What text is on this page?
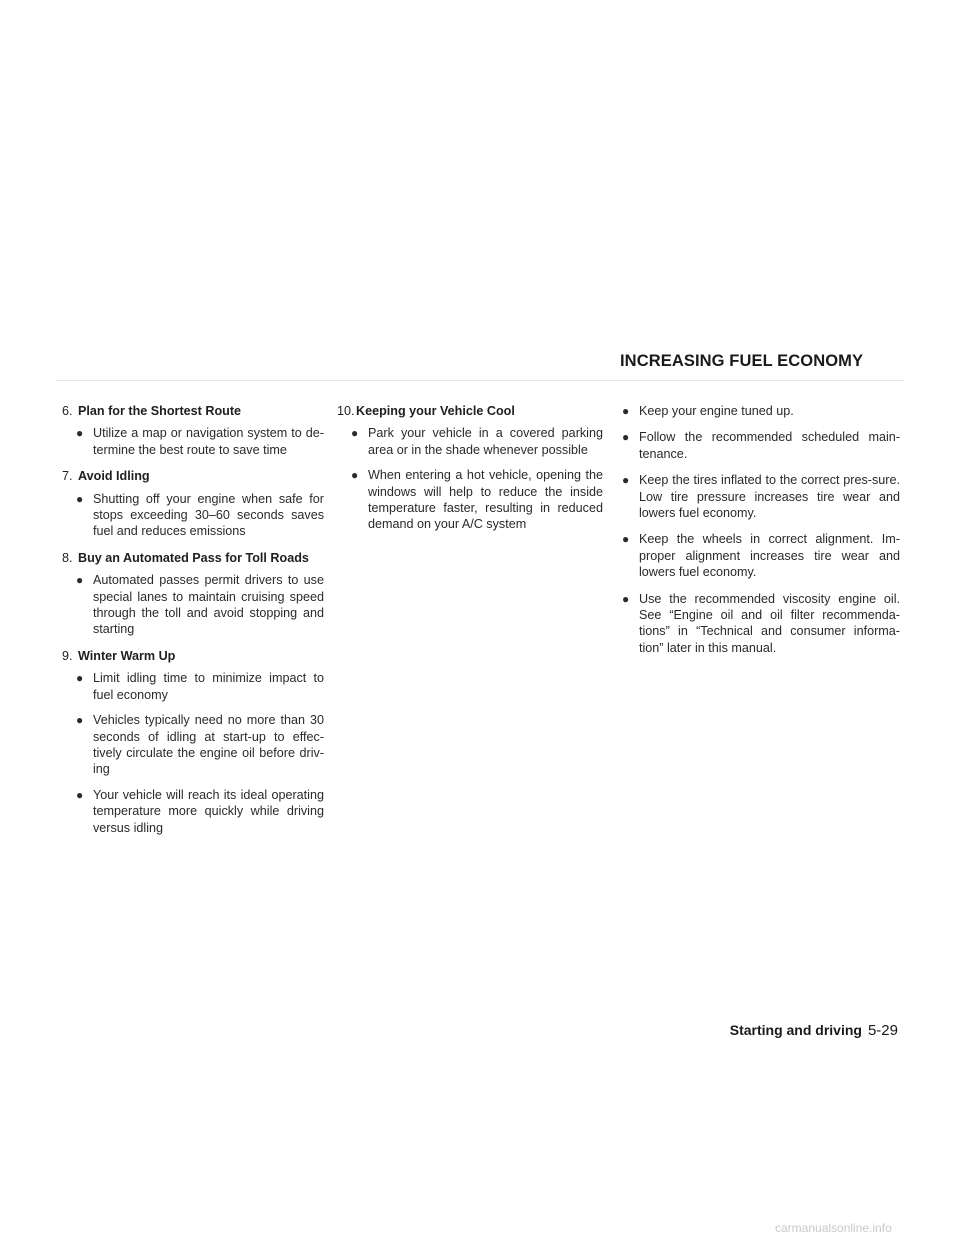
INCREASING FUEL ECONOMY
6. Plan for the Shortest Route
● Utilize a map or navigation system to de-termine the best route to save time
7. Avoid Idling
● Shutting off your engine when safe for stops exceeding 30–60 seconds saves fuel and reduces emissions
8. Buy an Automated Pass for Toll Roads
● Automated passes permit drivers to use special lanes to maintain cruising speed through the toll and avoid stopping and starting
9. Winter Warm Up
● Limit idling time to minimize impact to fuel economy
● Vehicles typically need no more than 30 seconds of idling at start-up to effec-tively circulate the engine oil before driv-ing
● Your vehicle will reach its ideal operating temperature more quickly while driving versus idling
10. Keeping your Vehicle Cool
● Park your vehicle in a covered parking area or in the shade whenever possible
● When entering a hot vehicle, opening the windows will help to reduce the inside temperature faster, resulting in reduced demand on your A/C system
● Keep your engine tuned up.
● Follow the recommended scheduled main-tenance.
● Keep the tires inflated to the correct pres-sure. Low tire pressure increases tire wear and lowers fuel economy.
● Keep the wheels in correct alignment. Im-proper alignment increases tire wear and lowers fuel economy.
● Use the recommended viscosity engine oil. See “Engine oil and oil filter recommenda-tions” in “Technical and consumer informa-tion” later in this manual.
Starting and driving 5-29
carmanualsonline.info
